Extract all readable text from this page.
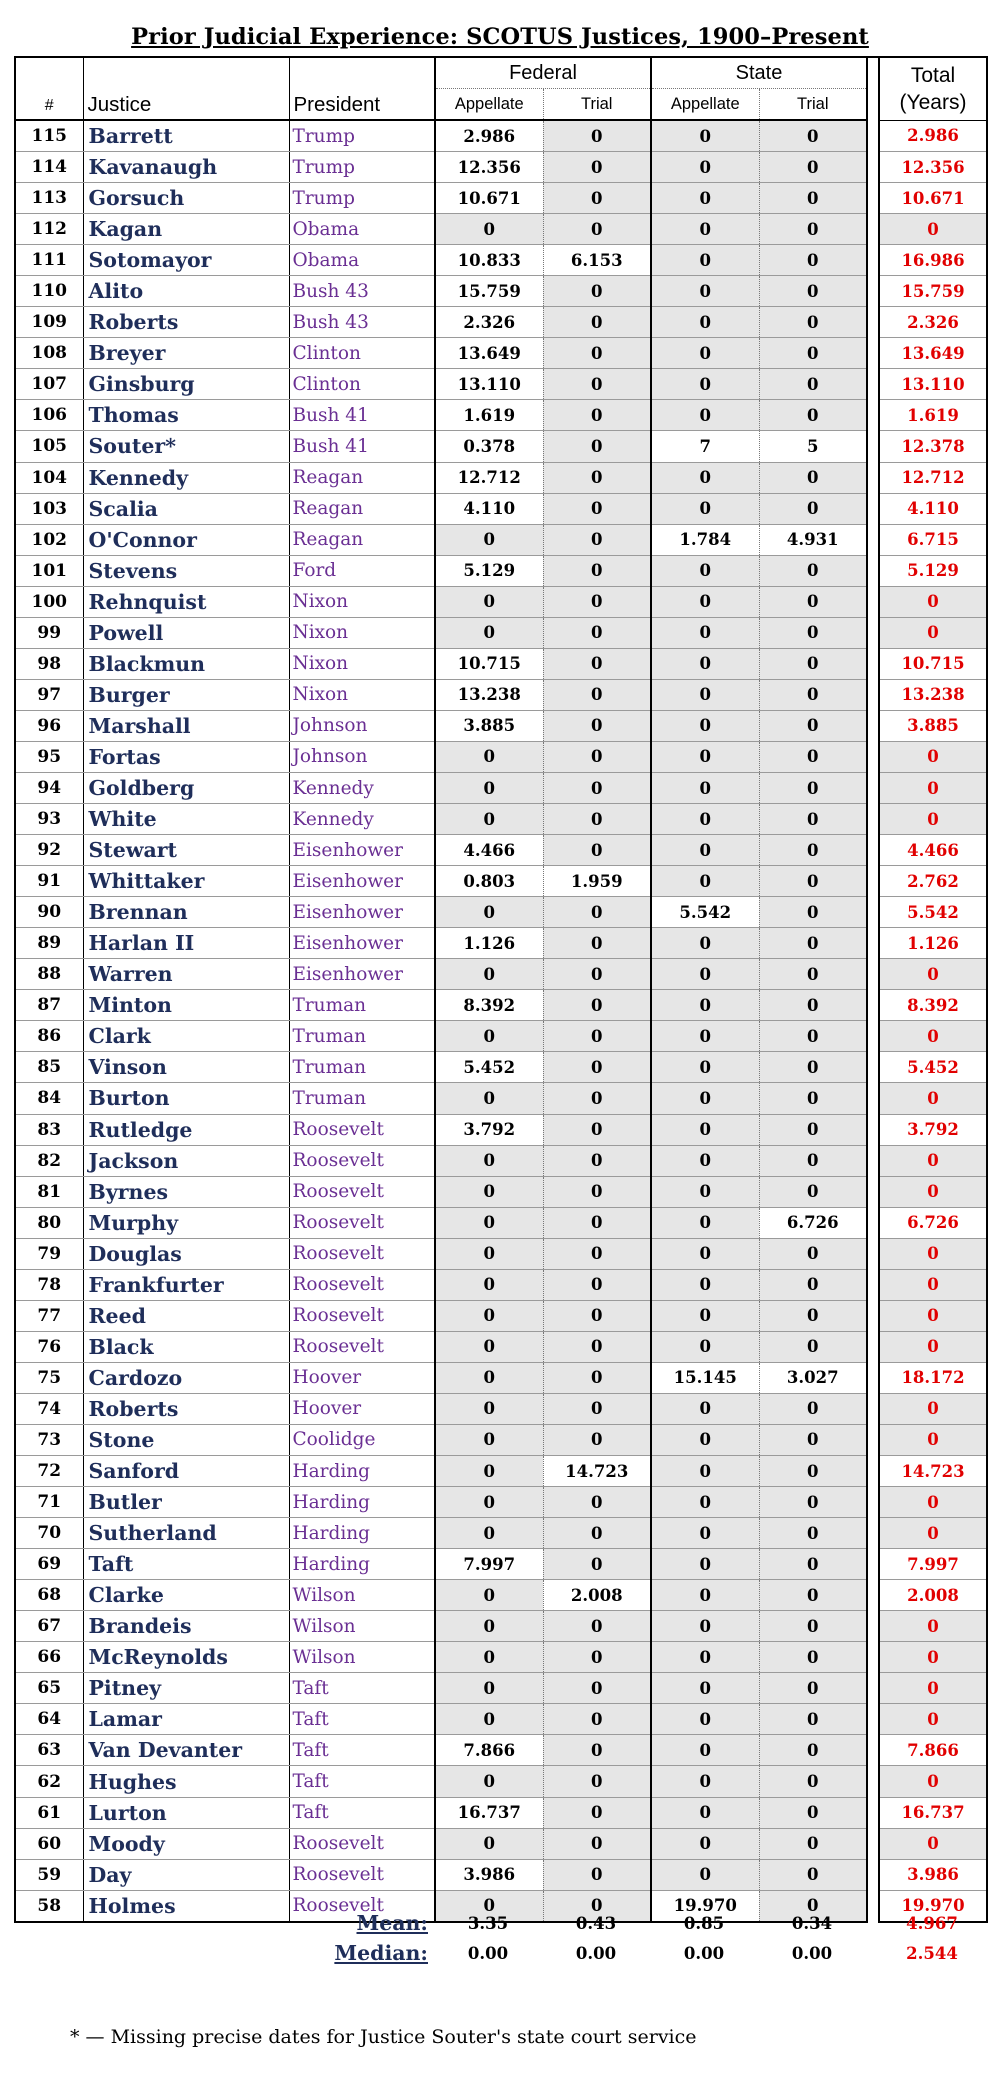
Prior Judicial Experience: SCOTUS Justices, 1900–Present
#	Justice	President	Federal		State			Total
(Years)
			Appellate	Trial	Appellate	Trial		
115	Barrett	Trump	2.986	0	0	0		2.986
114	Kavanaugh	Trump	12.356	0	0	0		12.356
113	Gorsuch	Trump	10.671	0	0	0		10.671
112	Kagan	Obama	0	0	0	0		0
111	Sotomayor	Obama	10.833	6.153	0	0		16.986
110	Alito	Bush 43	15.759	0	0	0		15.759
109	Roberts	Bush 43	2.326	0	0	0		2.326
108	Breyer	Clinton	13.649	0	0	0		13.649
107	Ginsburg	Clinton	13.110	0	0	0		13.110
106	Thomas	Bush 41	1.619	0	0	0		1.619
105	Souter*	Bush 41	0.378	0	7	5		12.378
104	Kennedy	Reagan	12.712	0	0	0		12.712
103	Scalia	Reagan	4.110	0	0	0		4.110
102	O'Connor	Reagan	0	0	1.784	4.931		6.715
101	Stevens	Ford	5.129	0	0	0		5.129
100	Rehnquist	Nixon	0	0	0	0		0
99	Powell	Nixon	0	0	0	0		0
98	Blackmun	Nixon	10.715	0	0	0		10.715
97	Burger	Nixon	13.238	0	0	0		13.238
96	Marshall	Johnson	3.885	0	0	0		3.885
95	Fortas	Johnson	0	0	0	0		0
94	Goldberg	Kennedy	0	0	0	0		0
93	White	Kennedy	0	0	0	0		0
92	Stewart	Eisenhower	4.466	0	0	0		4.466
91	Whittaker	Eisenhower	0.803	1.959	0	0		2.762
90	Brennan	Eisenhower	0	0	5.542	0		5.542
89	Harlan II	Eisenhower	1.126	0	0	0		1.126
88	Warren	Eisenhower	0	0	0	0		0
87	Minton	Truman	8.392	0	0	0		8.392
86	Clark	Truman	0	0	0	0		0
85	Vinson	Truman	5.452	0	0	0		5.452
84	Burton	Truman	0	0	0	0		0
83	Rutledge	Roosevelt	3.792	0	0	0		3.792
82	Jackson	Roosevelt	0	0	0	0		0
81	Byrnes	Roosevelt	0	0	0	0		0
80	Murphy	Roosevelt	0	0	0	6.726		6.726
79	Douglas	Roosevelt	0	0	0	0		0
78	Frankfurter	Roosevelt	0	0	0	0		0
77	Reed	Roosevelt	0	0	0	0		0
76	Black	Roosevelt	0	0	0	0		0
75	Cardozo	Hoover	0	0	15.145	3.027		18.172
74	Roberts	Hoover	0	0	0	0		0
73	Stone	Coolidge	0	0	0	0		0
72	Sanford	Harding	0	14.723	0	0		14.723
71	Butler	Harding	0	0	0	0		0
70	Sutherland	Harding	0	0	0	0		0
69	Taft	Harding	7.997	0	0	0		7.997
68	Clarke	Wilson	0	2.008	0	0		2.008
67	Brandeis	Wilson	0	0	0	0		0
66	McReynolds	Wilson	0	0	0	0		0
65	Pitney	Taft	0	0	0	0		0
64	Lamar	Taft	0	0	0	0		0
63	Van Devanter	Taft	7.866	0	0	0		7.866
62	Hughes	Taft	0	0	0	0		0
61	Lurton	Taft	16.737	0	0	0		16.737
60	Moody	Roosevelt	0	0	0	0		0
59	Day	Roosevelt	3.986	0	0	0		3.986
58	Holmes	Roosevelt	0	0	19.970	0		19.970
		Mean:	3.35	0.43	0.85	0.34		4.967
		Median:	0.00	0.00	0.00	0.00		2.544
* — Missing precise dates for Justice Souter's state court service
